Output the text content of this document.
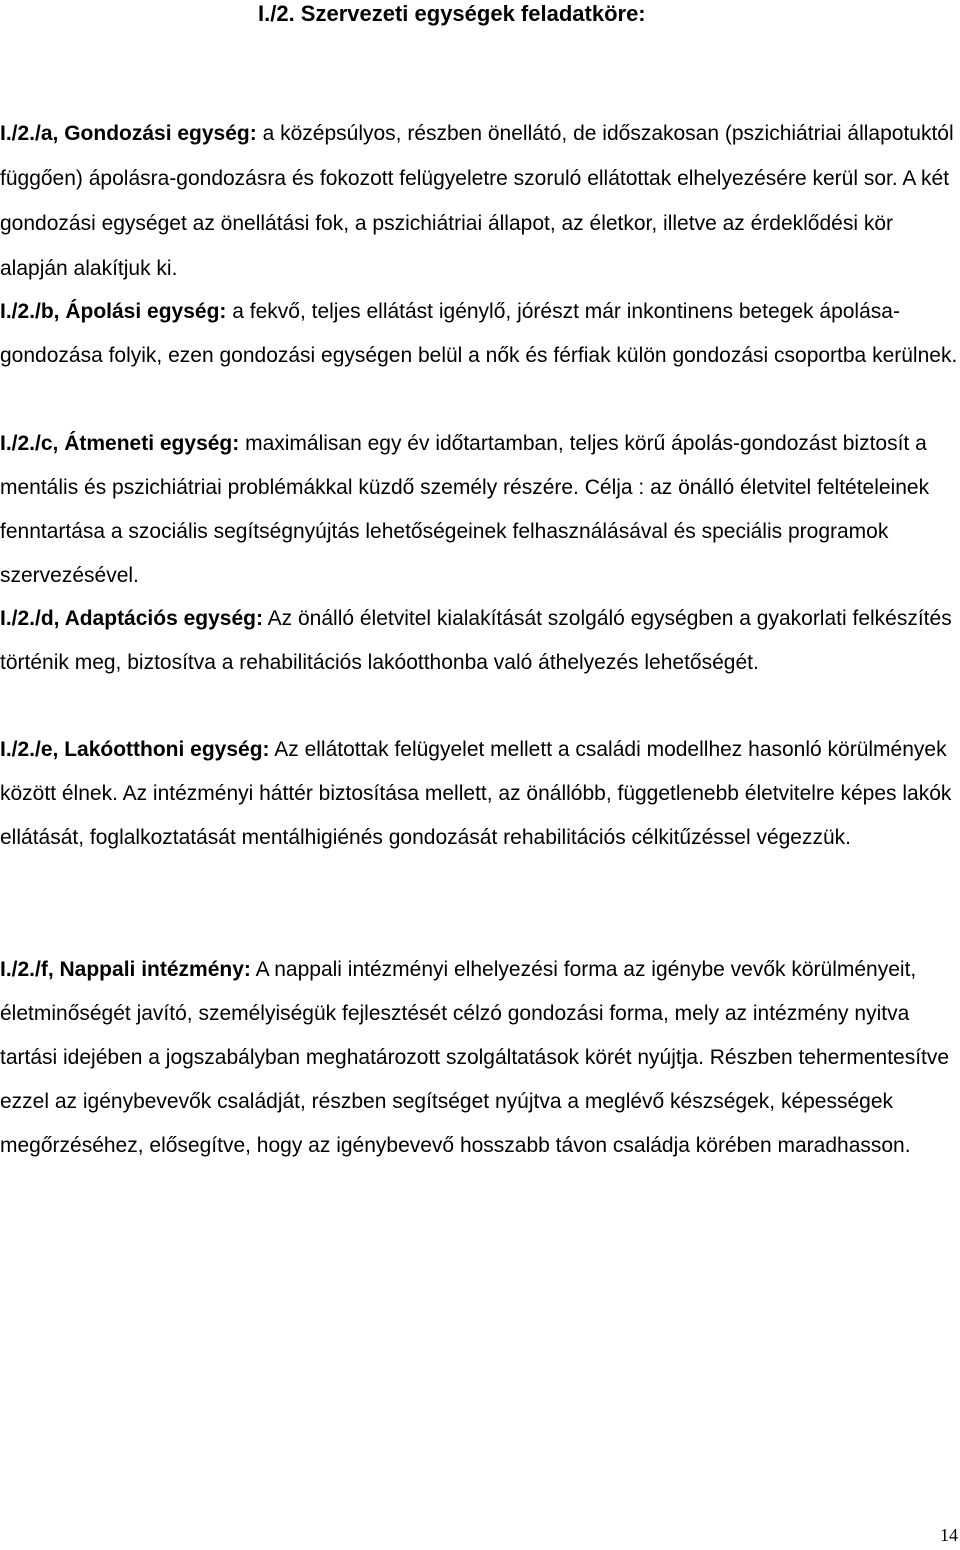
I./2. Szervezeti egységek feladatköre:

I./2./a, Gondozási egység: a középsúlyos, részben önellátó, de időszakosan (pszichiátriai állapotuktól függően) ápolásra-gondozásra és fokozott felügyeletre szoruló ellátottak elhelyezésére kerül sor. A két gondozási egységet az önellátási fok, a pszichiátriai állapot, az életkor, illetve az érdeklődési kör alapján alakítjuk ki.

I./2./b, Ápolási egység: a fekvő, teljes ellátást igénylő, jórészt már inkontinens betegek ápolása-gondozása folyik, ezen gondozási egységen belül a nők és férfiak külön gondozási csoportba kerülnek.

I./2./c, Átmeneti egység: maximálisan egy év időtartamban, teljes körű ápolás-gondozást biztosít a mentális és pszichiátriai problémákkal küzdő személy részére. Célja : az önálló életvitel feltételeinek fenntartása a szociális segítségnyújtás lehetőségeinek felhasználásával és speciális programok szervezésével.

I./2./d, Adaptációs egység: Az önálló életvitel kialakítását szolgáló egységben a gyakorlati felkészítés történik meg, biztosítva a rehabilitációs lakóotthonba való áthelyezés lehetőségét.

I./2./e, Lakóotthoni egység: Az ellátottak felügyelet mellett a családi modellhez hasonló körülmények között élnek. Az intézményi háttér biztosítása mellett, az önállóbb, függetlenebb életvitelre képes lakók ellátását, foglalkoztatását mentálhigiénés gondozását rehabilitációs célkitűzéssel végezzük.

I./2./f, Nappali intézmény: A nappali intézményi elhelyezési forma az igénybe vevők körülményeit, életminőségét javító, személyiségük fejlesztését célzó gondozási forma, mely az intézmény nyitva tartási idejében a jogszabályban meghatározott szolgáltatások körét nyújtja. Részben tehermentesítve ezzel az igénybevevők családját, részben segítséget nyújtva a meglévő készségek, képességek megőrzéséhez, elősegítve, hogy az igénybevevő hosszabb távon családja körében maradhasson.

14
